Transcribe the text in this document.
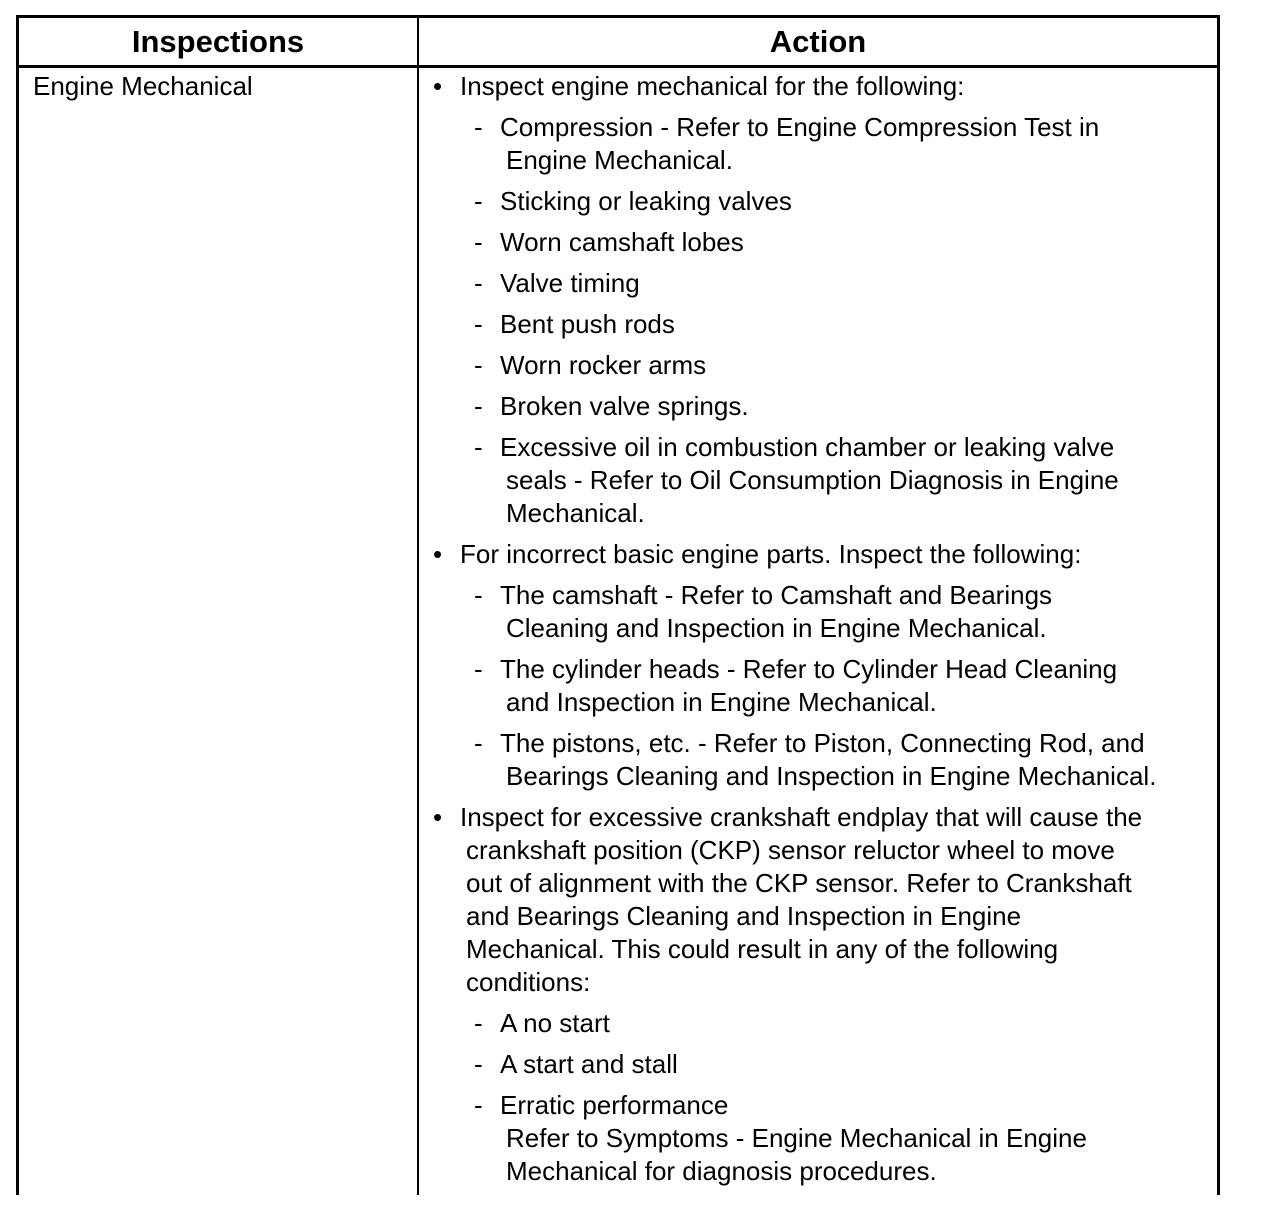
Inspections	Action
Engine Mechanical	• Inspect engine mechanical for the following:
- Compression - Refer to Engine Compression Test in
Engine Mechanical.
- Sticking or leaking valves
- Worn camshaft lobes
- Valve timing
- Bent push rods
- Worn rocker arms
- Broken valve springs.
- Excessive oil in combustion chamber or leaking valve
seals - Refer to Oil Consumption Diagnosis in Engine
Mechanical.
• For incorrect basic engine parts. Inspect the following:
- The camshaft - Refer to Camshaft and Bearings
Cleaning and Inspection in Engine Mechanical.
- The cylinder heads - Refer to Cylinder Head Cleaning
and Inspection in Engine Mechanical.
- The pistons, etc. - Refer to Piston, Connecting Rod, and
Bearings Cleaning and Inspection in Engine Mechanical.
• Inspect for excessive crankshaft endplay that will cause the
crankshaft position (CKP) sensor reluctor wheel to move
out of alignment with the CKP sensor. Refer to Crankshaft
and Bearings Cleaning and Inspection in Engine
Mechanical. This could result in any of the following
conditions:
- A no start
- A start and stall
- Erratic performance
Refer to Symptoms - Engine Mechanical in Engine
Mechanical for diagnosis procedures.
